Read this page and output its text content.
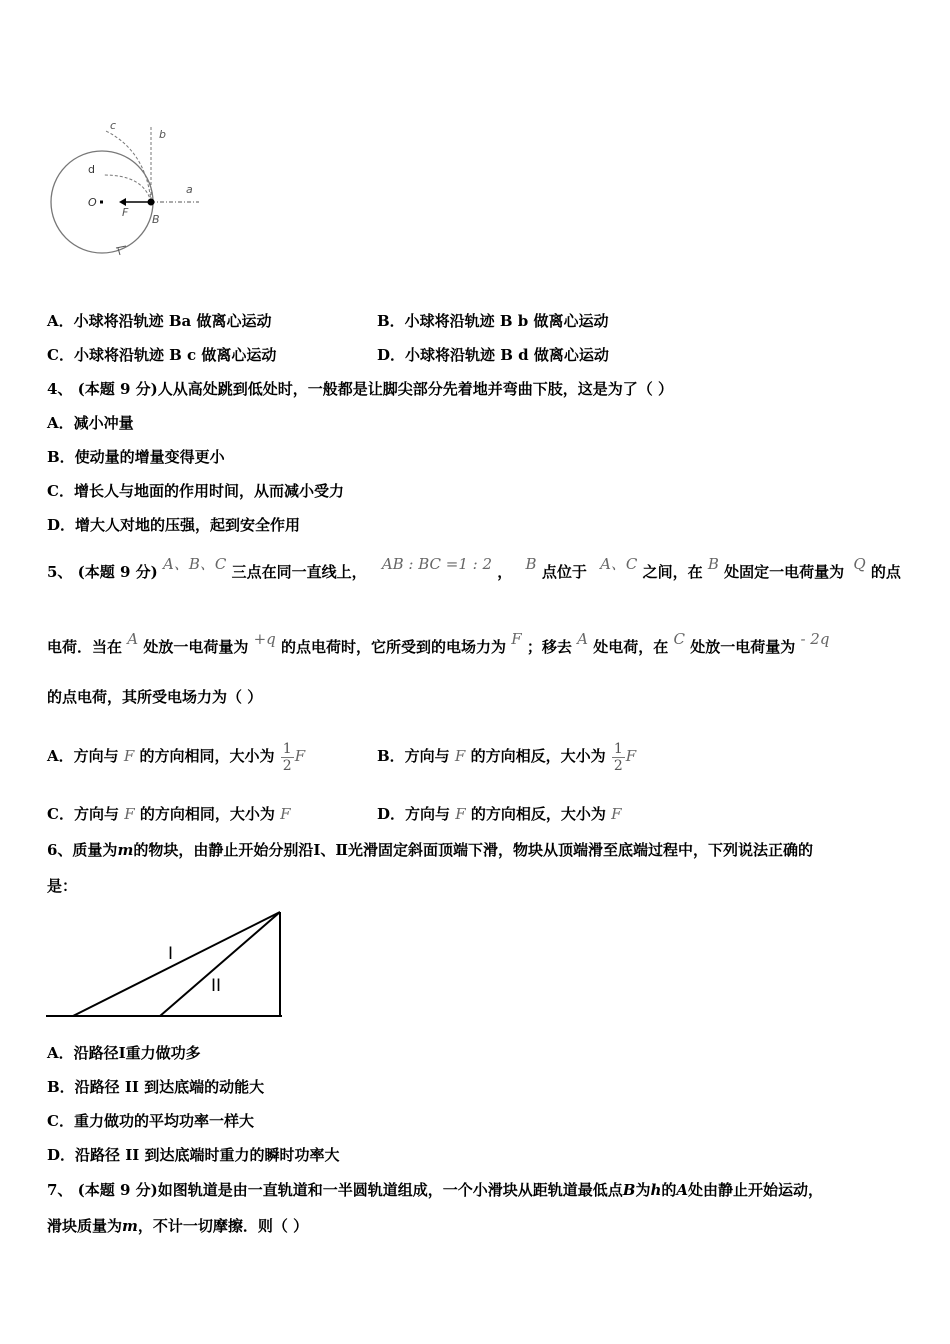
c
b
d
a
O
F
B
A．小球将沿轨迹 Ba 做离心运动	B．小球将沿轨迹 B b 做离心运动
C．小球将沿轨迹 B c 做离心运动	D．小球将沿轨迹 B d 做离心运动
4、 (本题 9 分)人从高处跳到低处时，一般都是让脚尖部分先着地并弯曲下肢，这是为了（ ）
A．减小冲量
B．使动量的增量变得更小
C．增长人与地面的作用时间，从而减小受力
D．增大人对地的压强，起到安全作用
5、 (本题 9 分) A、B、C 三点在同一直线上， AB : BC =1 : 2 ， B 点位于 A、C 之间，在 B 处固定一电荷量为 Q 的点
电荷．当在 A 处放一电荷量为 +q 的点电荷时，它所受到的电场力为 F ；移去 A 处电荷，在 C 处放一电荷量为 - 2q
的点电荷，其所受电场力为（ ）
A．方向与 F 的方向相同，大小为 $\frac{1}{2}$ F	B．方向与 F 的方向相反，大小为 $\frac{1}{2}$ F
C．方向与 F 的方向相同，大小为 F	D．方向与 F 的方向相反，大小为 F
6、质量为m的物块，由静止开始分别沿Ⅰ、Ⅱ光滑固定斜面顶端下滑，物块从顶端滑至底端过程中，下列说法正确的
是：
I
II
A．沿路径Ⅰ重力做功多
B．沿路径 II 到达底端的动能大
C．重力做功的平均功率一样大
D．沿路径 II 到达底端时重力的瞬时功率大
7、 (本题 9 分)如图轨道是由一直轨道和一半圆轨道组成，一个小滑块从距轨道最低点B为h的A处由静止开始运动，
滑块质量为m，不计一切摩擦．则（ ）
